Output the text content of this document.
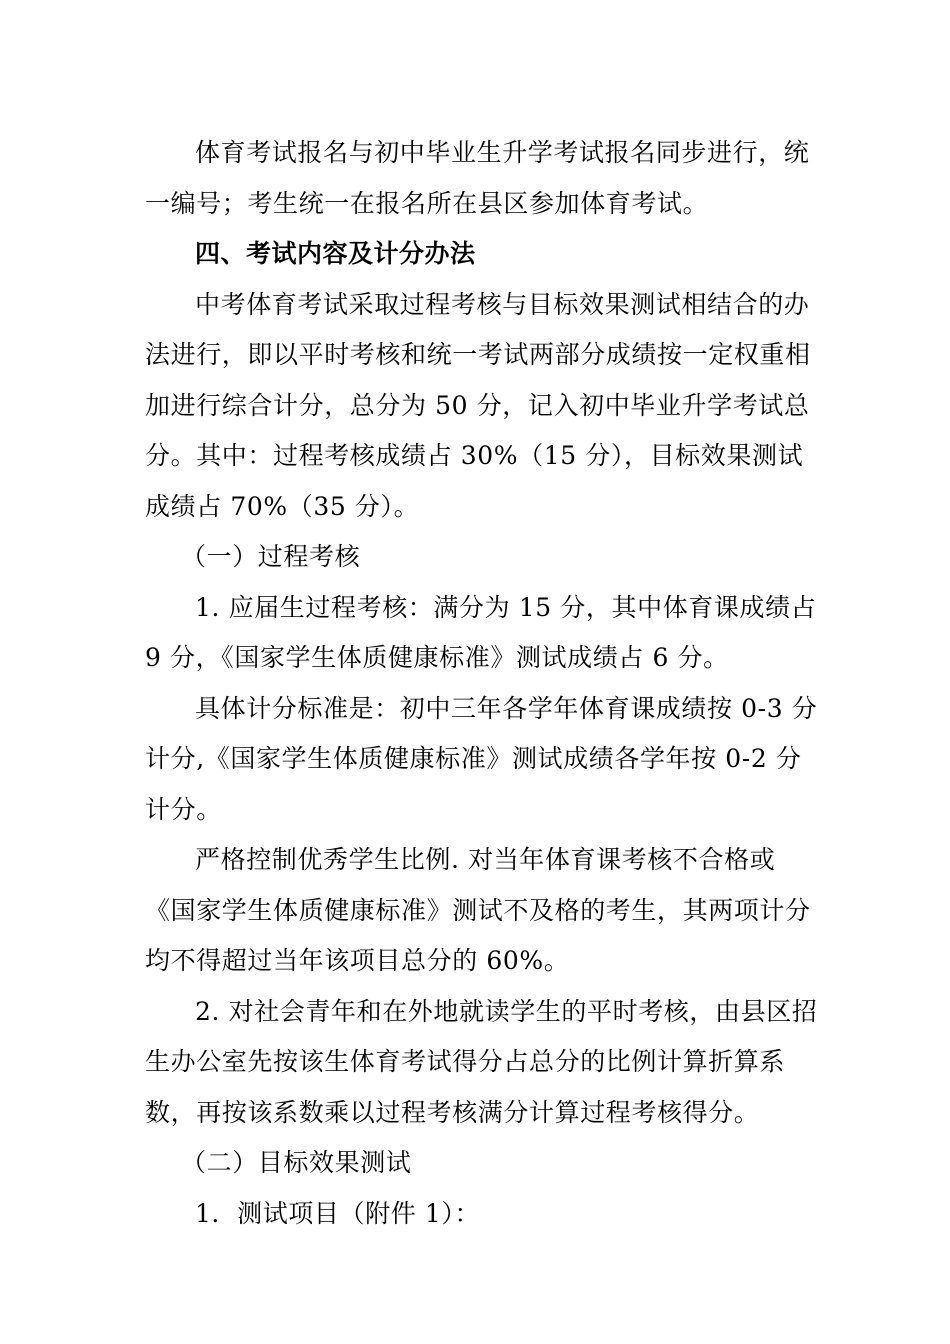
体育考试报名与初中毕业生升学考试报名同步进行，统一编号；考生统一在报名所在县区参加体育考试。

四、考试内容及计分办法

中考体育考试采取过程考核与目标效果测试相结合的办法进行，即以平时考核和统一考试两部分成绩按一定权重相加进行综合计分，总分为 50 分，记入初中毕业升学考试总分。其中：过程考核成绩占 30%（15 分），目标效果测试成绩占 70%（35 分）。

（一）过程考核

1. 应届生过程考核：满分为 15 分，其中体育课成绩占 9 分，《国家学生体质健康标准》测试成绩占 6 分。

具体计分标准是：初中三年各学年体育课成绩按 0-3 分计分,《国家学生体质健康标准》测试成绩各学年按 0-2 分计分。

严格控制优秀学生比例. 对当年体育课考核不合格或《国家学生体质健康标准》测试不及格的考生，其两项计分均不得超过当年该项目总分的 60%。

2. 对社会青年和在外地就读学生的平时考核，由县区招生办公室先按该生体育考试得分占总分的比例计算折算系数，再按该系数乘以过程考核满分计算过程考核得分。

（二）目标效果测试

1．测试项目（附件 1）：
